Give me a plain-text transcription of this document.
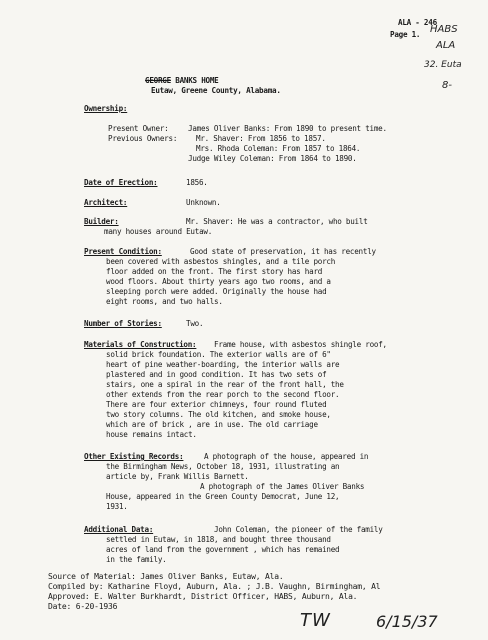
ALA - 246
Page 1. HABS
ALA
32. Euta
8-
GEORGE BANKS HOME
Eutaw, Greene County, Alabama.
Ownership:
Present Owner:	James Oliver Banks: From 1890 to present time.
Previous Owners: Mr. Shaver: From 1856 to 1857.
Mrs. Rhoda Coleman: From 1857 to 1864.
Judge Wiley Coleman: From 1864 to 1890.
Date of Erection:	1856.
Architect:	Unknown.
Builder:	Mr. Shaver: He was a contractor, who built
many houses around Eutaw.
Present Condition:	Good state of preservation, it has recently
been covered with asbestos shingles, and a tile porch
floor added on the front. The first story has hard
wood floors. About thirty years ago two rooms, and a
sleeping porch were added. Originally the house had
eight rooms, and two halls.
Number of Stories:	Two.
Materials of Construction: Frame house, with asbestos shingle roof,
solid brick foundation. The exterior walls are of 6"
heart of pine weather-boarding, the interior walls are
plastered and in good condition. It has two sets of
stairs, one a spiral in the rear of the front hall, the
other extends from the rear porch to the second floor.
There are four exterior chimneys, four round fluted
two story columns. The old kitchen, and smoke house,
which are of brick , are in use. The old carriage
house remains intact.
Other Existing Records:	A photograph of the house, appeared in
the Birmingham News, October 18, 1931, illustrating an
article by, Frank Willis Barnett.
A photograph of the James Oliver Banks
House, appeared in the Green County Democrat, June 12,
1931.
Additional Data:	John Coleman, the pioneer of the family
settled in Eutaw, in 1818, and bought three thousand
acres of land from the government , which has remained
in the family.
Source of Material: James Oliver Banks, Eutaw, Ala.
Compiled by: Katharine Floyd, Auburn, Ala. ; J.B. Vaughn, Birmingham, Al
Approved: E. Walter Burkhardt, District Officer, HABS, Auburn, Ala.
Date: 6-20-1936
TW	6/15/37
